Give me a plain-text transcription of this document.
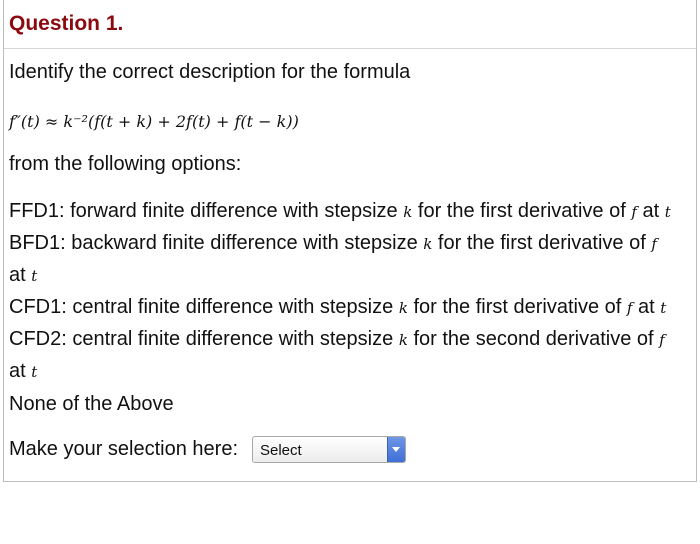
Question 1.
Identify the correct description for the formula
f″(t) ≈ k⁻²(f(t + k) + 2f(t) + f(t − k))
from the following options:
FFD1: forward finite difference with stepsize k for the first derivative of f at t
BFD1: backward finite difference with stepsize k for the first derivative of f
at t
CFD1: central finite difference with stepsize k for the first derivative of f at t
CFD2: central finite difference with stepsize k for the second derivative of f
at t
None of the Above
Make your selection here: Select
